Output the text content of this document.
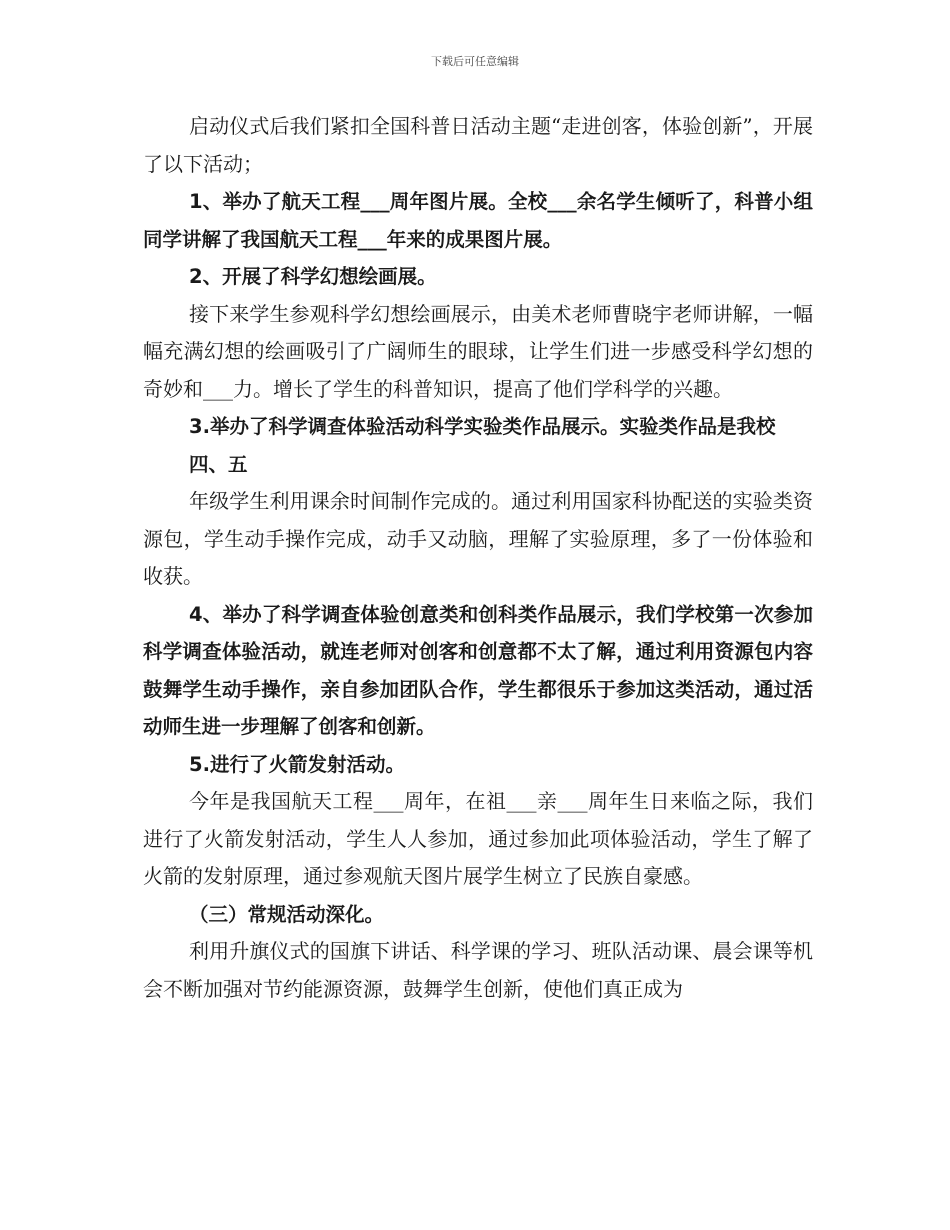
下载后可任意编辑

启动仪式后我们紧扣全国科普日活动主题“走进创客，体验创新”，开展了以下活动；

1、举办了航天工程___周年图片展。全校___余名学生倾听了，科普小组同学讲解了我国航天工程___年来的成果图片展。

2、开展了科学幻想绘画展。

接下来学生参观科学幻想绘画展示，由美术老师曹晓宇老师讲解，一幅幅充满幻想的绘画吸引了广阔师生的眼球，让学生们进一步感受科学幻想的奇妙和___力。增长了学生的科普知识，提高了他们学科学的兴趣。

3.举办了科学调查体验活动科学实验类作品展示。实验类作品是我校

四、五

年级学生利用课余时间制作完成的。通过利用国家科协配送的实验类资源包，学生动手操作完成，动手又动脑，理解了实验原理，多了一份体验和收获。

4、举办了科学调查体验创意类和创科类作品展示，我们学校第一次参加科学调查体验活动，就连老师对创客和创意都不太了解，通过利用资源包内容鼓舞学生动手操作，亲自参加团队合作，学生都很乐于参加这类活动，通过活动师生进一步理解了创客和创新。

5.进行了火箭发射活动。

今年是我国航天工程___周年，在祖___亲___周年生日来临之际，我们进行了火箭发射活动，学生人人参加，通过参加此项体验活动，学生了解了火箭的发射原理，通过参观航天图片展学生树立了民族自豪感。

（三）常规活动深化。

利用升旗仪式的国旗下讲话、科学课的学习、班队活动课、晨会课等机会不断加强对节约能源资源，鼓舞学生创新，使他们真正成为
